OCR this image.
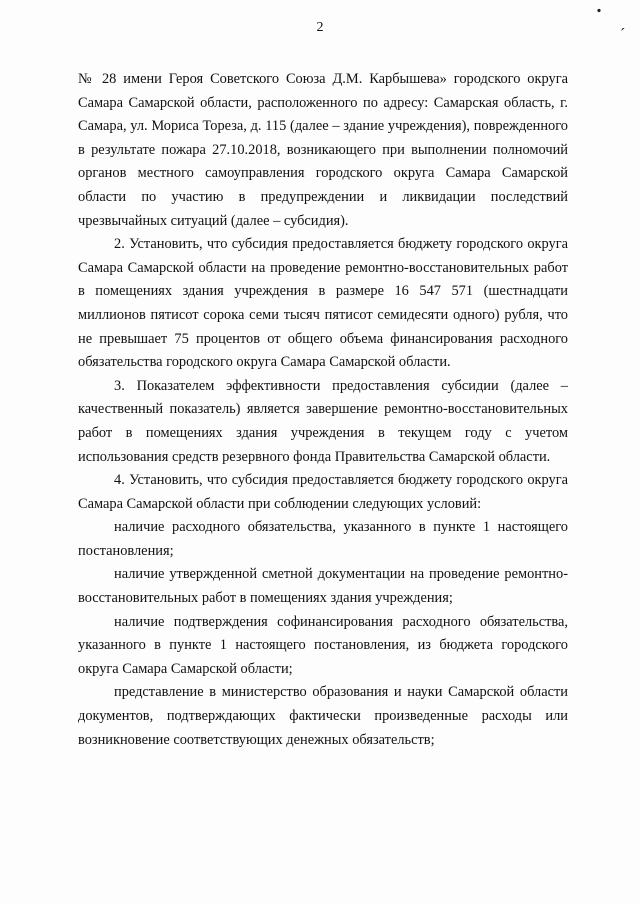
•
´
2

№ 28 имени Героя Советского Союза Д.М. Карбышева» городского округа Самара Самарской области, расположенного по адресу: Самарская область, г. Самара, ул. Мориса Тореза, д. 115 (далее – здание учреждения), поврежденного в результате пожара 27.10.2018, возникающего при выполнении полномочий органов местного самоуправления городского округа Самара Самарской области по участию в предупреждении и ликвидации последствий чрезвычайных ситуаций (далее – субсидия).

2. Установить, что субсидия предоставляется бюджету городского округа Самара Самарской области на проведение ремонтно-восстановительных работ в помещениях здания учреждения в размере 16 547 571 (шестнадцати миллионов пятисот сорока семи тысяч пятисот семидесяти одного) рубля, что не превышает 75 процентов от общего объема финансирования расходного обязательства городского округа Самара Самарской области.

3. Показателем эффективности предоставления субсидии (далее – качественный показатель) является завершение ремонтно-восстановительных работ в помещениях здания учреждения в текущем году с учетом использования средств резервного фонда Правительства Самарской области.

4. Установить, что субсидия предоставляется бюджету городского округа Самара Самарской области при соблюдении следующих условий:

наличие расходного обязательства, указанного в пункте 1 настоящего постановления;

наличие утвержденной сметной документации на проведение ремонтно-восстановительных работ в помещениях здания учреждения;

наличие подтверждения софинансирования расходного обязательства, указанного в пункте 1 настоящего постановления, из бюджета городского округа Самара Самарской области;

представление в министерство образования и науки Самарской области документов, подтверждающих фактически произведенные расходы или возникновение соответствующих денежных обязательств;
